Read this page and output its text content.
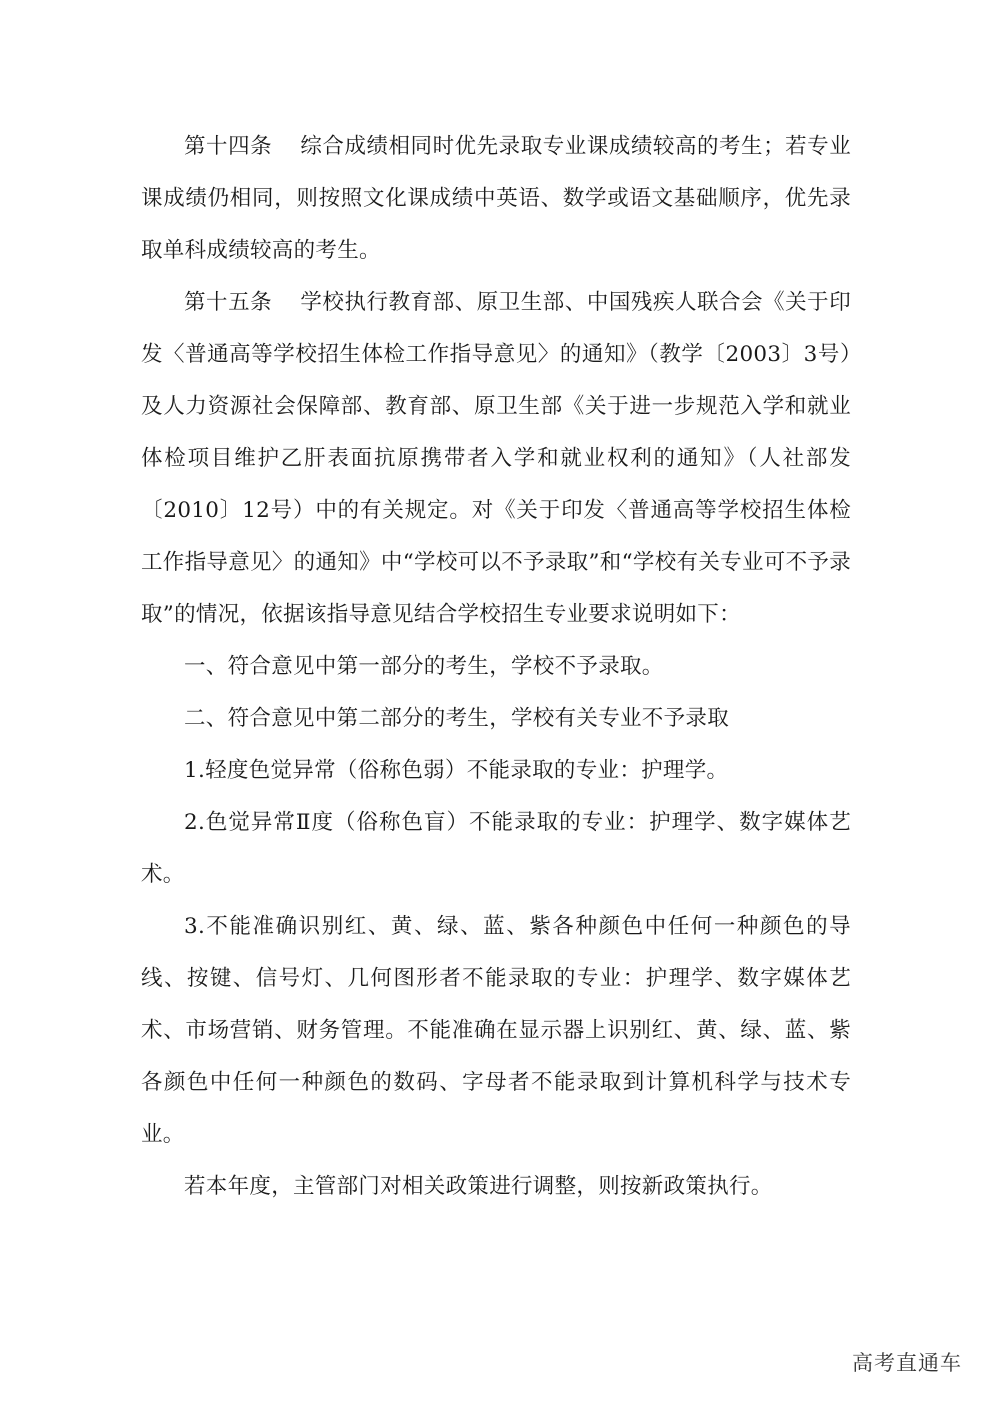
第十四条 综合成绩相同时优先录取专业课成绩较高的考生；若专业课成绩仍相同，则按照文化课成绩中英语、数学或语文基础顺序，优先录取单科成绩较高的考生。

第十五条 学校执行教育部、原卫生部、中国残疾人联合会《关于印发〈普通高等学校招生体检工作指导意见〉的通知》（教学〔2003〕3号）及人力资源社会保障部、教育部、原卫生部《关于进一步规范入学和就业体检项目维护乙肝表面抗原携带者入学和就业权利的通知》（人社部发〔2010〕12号）中的有关规定。对《关于印发〈普通高等学校招生体检工作指导意见〉的通知》中“学校可以不予录取”和“学校有关专业可不予录取”的情况，依据该指导意见结合学校招生专业要求说明如下：

一、符合意见中第一部分的考生，学校不予录取。

二、符合意见中第二部分的考生，学校有关专业不予录取

1.轻度色觉异常（俗称色弱）不能录取的专业：护理学。

2.色觉异常Ⅱ度（俗称色盲）不能录取的专业：护理学、数字媒体艺术。

3.不能准确识别红、黄、绿、蓝、紫各种颜色中任何一种颜色的导线、按键、信号灯、几何图形者不能录取的专业：护理学、数字媒体艺术、市场营销、财务管理。不能准确在显示器上识别红、黄、绿、蓝、紫各颜色中任何一种颜色的数码、字母者不能录取到计算机科学与技术专业。

若本年度，主管部门对相关政策进行调整，则按新政策执行。

高考直通车
